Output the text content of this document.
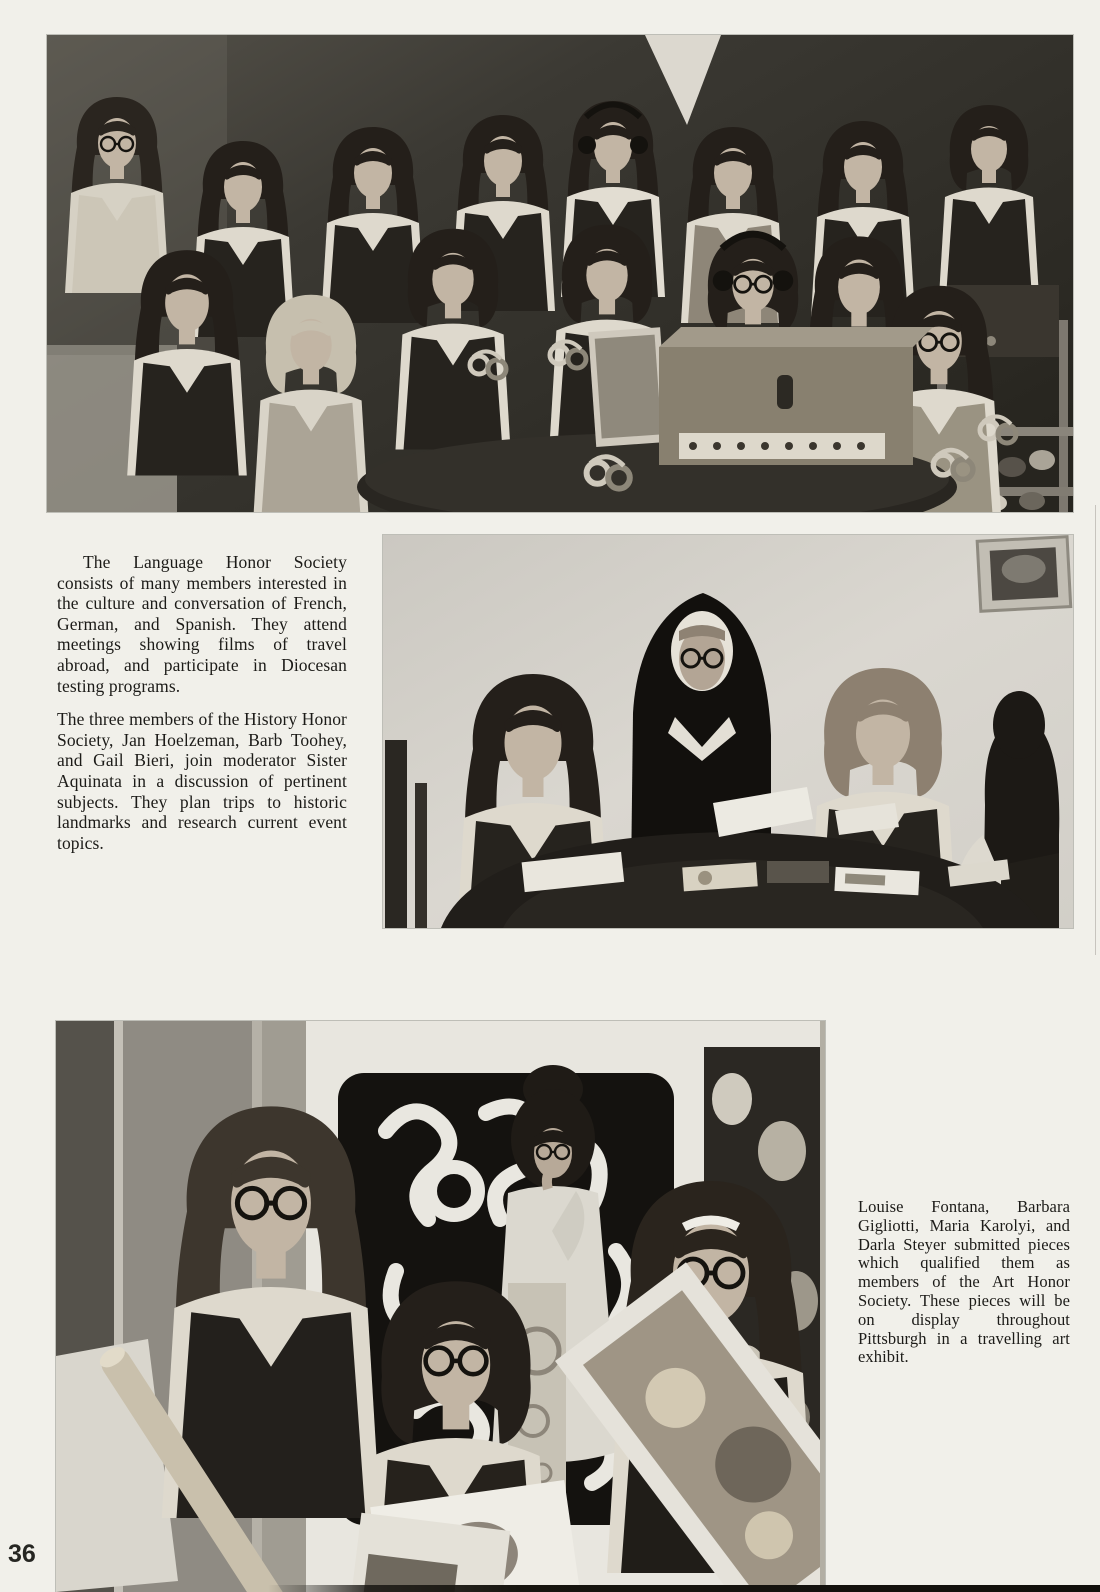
The Language Honor Society consists of many members interested in the culture and conversation of French, German, and Spanish. They attend meetings showing films of travel abroad, and participate in Diocesan testing programs.

The three members of the History Honor Society, Jan Hoelzeman, Barb Toohey, and Gail Bieri, join moderator Sister Aquinata in a discussion of pertinent subjects. They plan trips to historic landmarks and research current event topics.

Louise Fontana, Barbara Gigliotti, Maria Karolyi, and Darla Steyer submitted pieces which qualified them as members of the Art Honor Society. These pieces will be on display throughout Pittsburgh in a travelling art exhibit.

36
